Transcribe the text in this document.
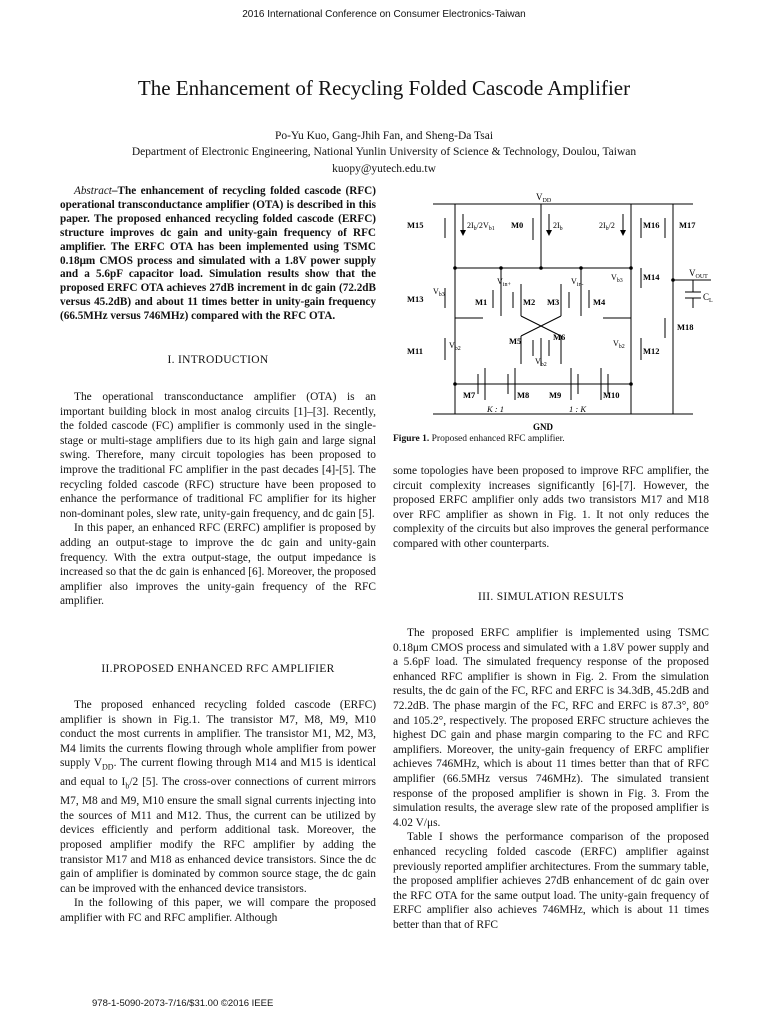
2016 International Conference on Consumer Electronics-Taiwan
The Enhancement of Recycling Folded Cascode Amplifier
Po-Yu Kuo, Gang-Jhih Fan, and Sheng-Da Tsai
Department of Electronic Engineering, National Yunlin University of Science & Technology, Doulou, Taiwan
kuopy@yutech.edu.tw

Abstract–The enhancement of recycling folded cascode (RFC) operational transconductance amplifier (OTA) is described in this paper. The proposed enhanced recycling folded cascode (ERFC) structure improves dc gain and unity-gain frequency of RFC amplifier. The ERFC OTA has been implemented using TSMC 0.18μm CMOS process and simulated with a 1.8V power supply and a 5.6pF capacitor load. Simulation results show that the proposed ERFC OTA achieves 27dB increment in dc gain (72.2dB versus 45.2dB) and about 11 times better in unity-gain frequency (66.5MHz versus 746MHz) compared with the RFC OTA.

I. INTRODUCTION

The operational transconductance amplifier (OTA) is an important building block in most analog circuits [1]–[3]. Recently, the folded cascode (FC) amplifier is commonly used in the single-stage or multi-stage amplifiers due to its high gain and large signal swing. Therefore, many circuit topologies has been proposed to improve the traditional FC amplifier in the past decades [4]-[5]. The recycling folded cascode (RFC) structure have been proposed to enhance the performance of traditional FC amplifier for its higher non-dominant poles, slew rate, unity-gain frequency, and dc gain [5].

In this paper, an enhanced RFC (ERFC) amplifier is proposed by adding an output-stage to improve the dc gain and unity-gain frequency. With the extra output-stage, the output impedance is increased so that the dc gain is enhanced [6]. Moreover, the proposed amplifier also improves the unity-gain frequency of the RFC amplifier.

II.PROPOSED ENHANCED RFC AMPLIFIER

The proposed enhanced recycling folded cascode (ERFC) amplifier is shown in Fig.1. The transistor M7, M8, M9, M10 conduct the most currents in amplifier. The transistor M1, M2, M3, M4 limits the currents flowing through whole amplifier from power supply $V_{DD}$. The current flowing through M14 and M15 is identical and equal to $I_b/2$ [5]. The cross-over connections of current mirrors M7, M8 and M9, M10 ensure the small signal currents injecting into the sources of M11 and M12. Thus, the current can be utilized by devices efficiently and perform additional task. Moreover, the proposed amplifier modify the RFC amplifier by adding the transistor M17 and M18 as enhanced device transistors. Since the dc gain of amplifier is dominated by common source stage, the dc gain can be improved with the enhanced device transistors.

In the following of this paper, we will compare the proposed amplifier with FC and RFC amplifier. Although

$V_{DD}$
GND
$V_{OUT}$
$C_L$
M15	M16 M17
M0
M13
M14
M1	M2 M3	M4
M5	M6
M11	M12
M18
M7	M8 M9	M10
$2I_b/2$	$2I_b$	$2I_b/2$
$V_{b1}$
$V_{b3}$
$V_{b3}$
$V_{b2}$
$V_{b2}$
$V_{b2}$
$V_{in+}$	$V_{in-}$
K : 1	1 : K
Figure 1. Proposed enhanced RFC amplifier.

some topologies have been proposed to improve RFC amplifier, the circuit complexity increases significantly [6]-[7]. However, the proposed ERFC amplifier only adds two transistors M17 and M18 over RFC amplifier as shown in Fig. 1. It not only reduces the complexity of the circuits but also improves the general performance compared with other counterparts.

III. SIMULATION RESULTS

The proposed ERFC amplifier is implemented using TSMC 0.18μm CMOS process and simulated with a 1.8V power supply and a 5.6pF load. The simulated frequency response of the proposed enhanced RFC amplifier is shown in Fig. 2. From the simulation results, the dc gain of the FC, RFC and ERFC is 34.3dB, 45.2dB and 72.2dB. The phase margin of the FC, RFC and ERFC is 87.3°, 80° and 105.2°, respectively. The proposed ERFC structure achieves the highest DC gain and phase margin comparing to the FC and RFC amplifiers. Moreover, the unity-gain frequency of ERFC amplifier achieves 746MHz, which is about 11 times better than that of RFC amplifier (66.5MHz versus 746MHz). The simulated transient response of the proposed amplifier is shown in Fig. 3. From the simulation results, the average slew rate of the proposed amplifier is 4.02 V/μs.

Table I shows the performance comparison of the proposed enhanced recycling folded cascode (ERFC) amplifier against previously reported amplifier architectures. From the summary table, the proposed amplifier achieves 27dB enhancement of dc gain over the RFC OTA for the same output load. The unity-gain frequency of ERFC amplifier also achieves 746MHz, which is about 11 times better than that of RFC

978-1-5090-2073-7/16/$31.00 ©2016 IEEE
